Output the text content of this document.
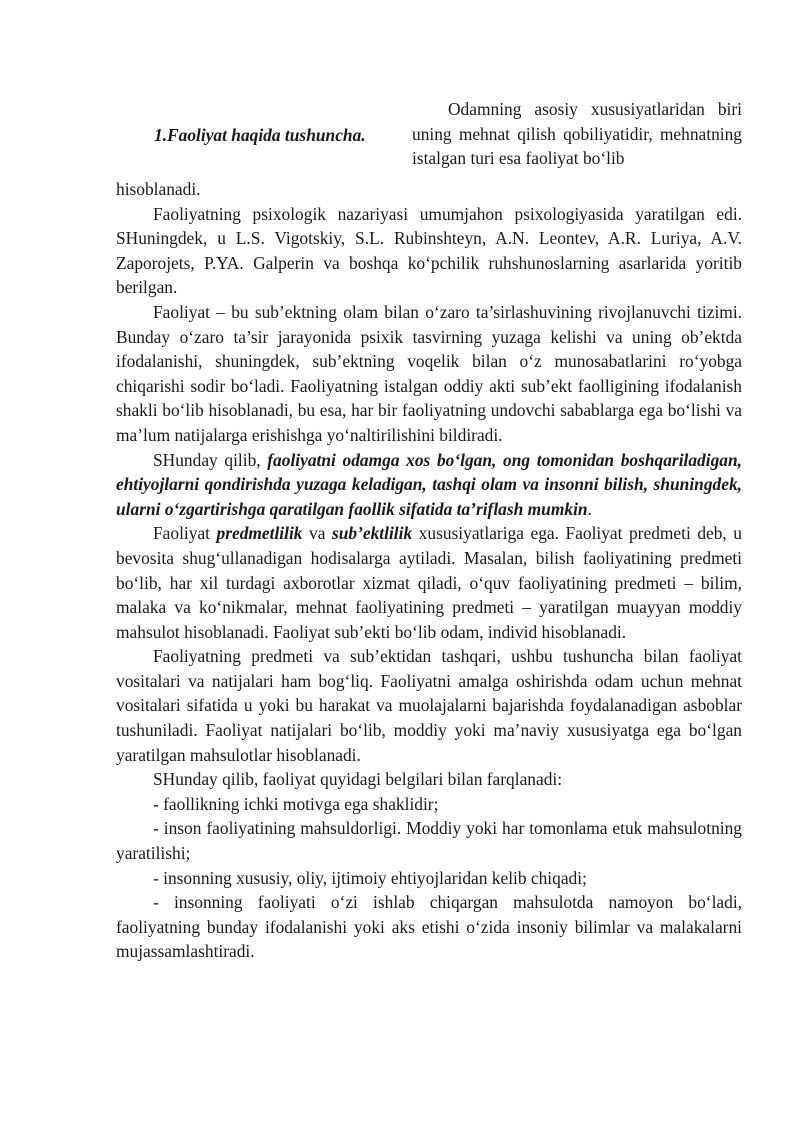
1.Faoliyat haqida tushuncha.
Odamning asosiy xususiyatlaridan biri uning mehnat qilish qobiliyatidir, mehnatning istalgan turi esa faoliyat bo‘lib

hisoblanadi.

Faoliyatning psixologik nazariyasi umumjahon psixologiyasida yaratilgan edi. SHuningdek, u L.S. Vigotskiy, S.L. Rubinshteyn, A.N. Leontev, A.R. Luriya, A.V. Zaporojets, P.YA. Galperin va boshqa ko‘pchilik ruhshunoslarning asarlarida yoritib berilgan.

Faoliyat – bu sub’ektning olam bilan o‘zaro ta’sirlashuvining rivojlanuvchi tizimi. Bunday o‘zaro ta’sir jarayonida psixik tasvirning yuzaga kelishi va uning ob’ektda ifodalanishi, shuningdek, sub’ektning voqelik bilan o‘z munosabatlarini ro‘yobga chiqarishi sodir bo‘ladi. Faoliyatning istalgan oddiy akti sub’ekt faolligining ifodalanish shakli bo‘lib hisoblanadi, bu esa, har bir faoliyatning undovchi sabablarga ega bo‘lishi va ma’lum natijalarga erishishga yo‘naltirilishini bildiradi.

SHunday qilib, faoliyatni odamga xos bo‘lgan, ong tomonidan boshqariladigan, ehtiyojlarni qondirishda yuzaga keladigan, tashqi olam va insonni bilish, shuningdek, ularni o‘zgartirishga qaratilgan faollik sifatida ta’riflash mumkin.

Faoliyat predmetlilik va sub’ektlilik xususiyatlariga ega. Faoliyat predmeti deb, u bevosita shug‘ullanadigan hodisalarga aytiladi. Masalan, bilish faoliyatining predmeti bo‘lib, har xil turdagi axborotlar xizmat qiladi, o‘quv faoliyatining predmeti – bilim, malaka va ko‘nikmalar, mehnat faoliyatining predmeti – yaratilgan muayyan moddiy mahsulot hisoblanadi. Faoliyat sub’ekti bo‘lib odam, individ hisoblanadi.

Faoliyatning predmeti va sub’ektidan tashqari, ushbu tushuncha bilan faoliyat vositalari va natijalari ham bog‘liq. Faoliyatni amalga oshirishda odam uchun mehnat vositalari sifatida u yoki bu harakat va muolajalarni bajarishda foydalanadigan asboblar tushuniladi. Faoliyat natijalari bo‘lib, moddiy yoki ma’naviy xususiyatga ega bo‘lgan yaratilgan mahsulotlar hisoblanadi.

SHunday qilib, faoliyat quyidagi belgilari bilan farqlanadi:

- faollikning ichki motivga ega shaklidir;

- inson faoliyatining mahsuldorligi. Moddiy yoki har tomonlama etuk mahsulotning yaratilishi;

- insonning xususiy, oliy, ijtimoiy ehtiyojlaridan kelib chiqadi;

- insonning faoliyati o‘zi ishlab chiqargan mahsulotda namoyon bo‘ladi, faoliyatning bunday ifodalanishi yoki aks etishi o‘zida insoniy bilimlar va malakalarni mujassamlashtiradi.
